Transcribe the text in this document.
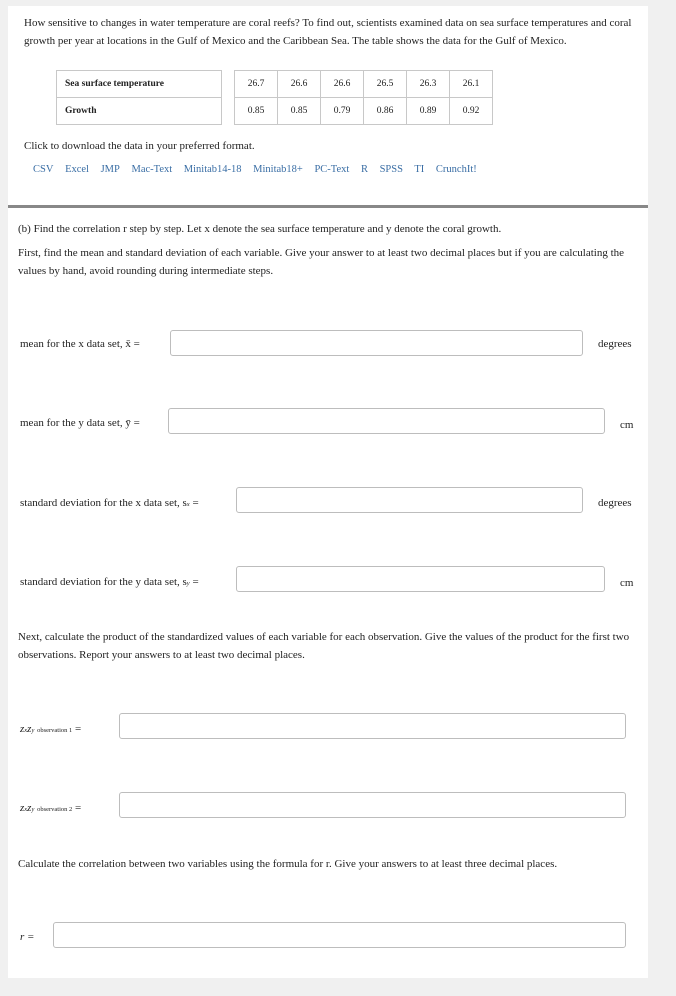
How sensitive to changes in water temperature are coral reefs? To find out, scientists examined data on sea surface temperatures and coral growth per year at locations in the Gulf of Mexico and the Caribbean Sea. The table shows the data for the Gulf of Mexico.
Sea surface temperature		26.7	26.6	26.6	26.5	26.3	26.1
Growth		0.85	0.85	0.79	0.86	0.89	0.92
Click to download the data in your preferred format.
CSV Excel JMP Mac-Text Minitab14-18 Minitab18+ PC-Text R SPSS TI CrunchIt!

(b) Find the correlation r step by step. Let x denote the sea surface temperature and y denote the coral growth.

First, find the mean and standard deviation of each variable. Give your answer to at least two decimal places but if you are calculating the values by hand, avoid rounding during intermediate steps.

mean for the x data set, x̄ =	degrees
mean for the y data set, ȳ =	cm
standard deviation for the x data set, sx =	degrees
standard deviation for the y data set, sy =	cm
Next, calculate the product of the standardized values of each variable for each observation. Give the values of the product for the first two observations. Report your answers to at least two decimal places.
zxzy observation 1 =
zxzy observation 2 =
Calculate the correlation between two variables using the formula for r. Give your answers to at least three decimal places.
r =
